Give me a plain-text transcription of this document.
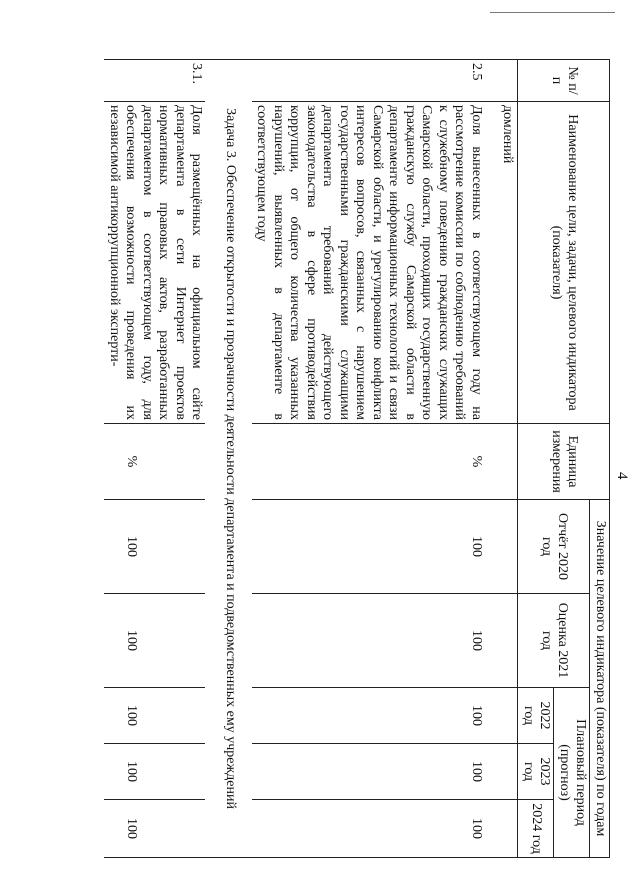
4
№ п/п	Наименование цели, задачи, целевого индикатора (показателя)	Единица измерения	Значение целевого индикатора (показателя) по годам				
			Отчёт 2020 год	Оценка 2021 год	Плановый период (прогноз)		
					2022 год	2023 год	2024 год
	домлений						
2.5	Доля вынесенных в соответствующем году на рассмотрение комиссии по соблюдению требований к служебному поведению гражданских служащих Самарской области, проходящих государственную гражданскую службу Самарской области в департаменте информационных технологий и связи Самарской области, и урегулированию конфликта интересов вопросов, связанных с нарушением государственными гражданскими служащими департамента требований действующего законодательства в сфере противодействия коррупции, от общего количества указанных нарушений, выявленных в департаменте в соответствующем году	%	100	100	100	100	100
Задача 3. Обеспечение открытости и прозрачности деятельности департамента и подведомственных ему учреждений							
3.1.	Доля размещённых на официальном сайте департамента в сети Интернет проектов нормативных правовых актов, разработанных департаментом в соответствующем году, для обеспечения возможности проведения их независимой антикоррупционной эксперти-	%	100	100	100	100	100
